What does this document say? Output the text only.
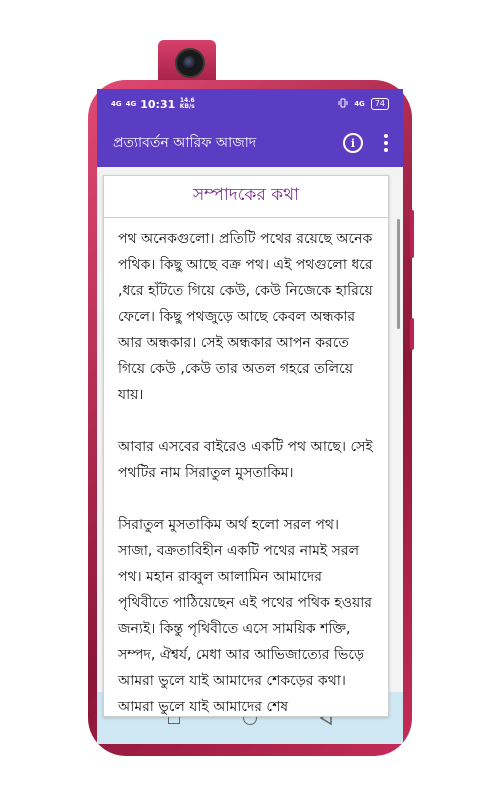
4G 4G 10:31 14.6 KB/s	4G	74
প্রত্যাবর্তন আরিফ আজাদ	i
সম্পাদকের কথা

পথ অনেকগুলো। প্রতিটি পথের রয়েছে অনেক পথিক। কিছু আছে বক্র পথ। এই পথগুলো ধরে ,ধরে হাঁটতে গিয়ে কেউ, কেউ নিজেকে হারিয়ে ফেলে। কিছু পথজুড়ে আছে কেবল অন্ধকার আর অন্ধকার। সেই অন্ধকার আপন করতে গিয়ে কেউ ,কেউ তার অতল গহরে তলিয়ে যায়।

আবার এসবের বাইরেও একটি পথ আছে। সেই পথটির নাম সিরাতুল মুসতাকিম।

সিরাতুল মুসতাকিম অর্থ হলো সরল পথ। সাজা, বক্রতাবিহীন একটি পথের নামই সরল পথ। মহান রাব্বুল আলামিন আমাদের পৃথিবীতে পাঠিয়েছেন এই পথের পথিক হওয়ার জন্যই। কিন্তু পৃথিবীতে এসে সাময়িক শক্তি, সম্পদ, ঐশ্বর্য, মেধা আর আভিজাত্যের ভিড়ে আমরা ভুলে যাই আমাদের শেকড়ের কথা। আমরা ভুলে যাই আমাদের শেষ
